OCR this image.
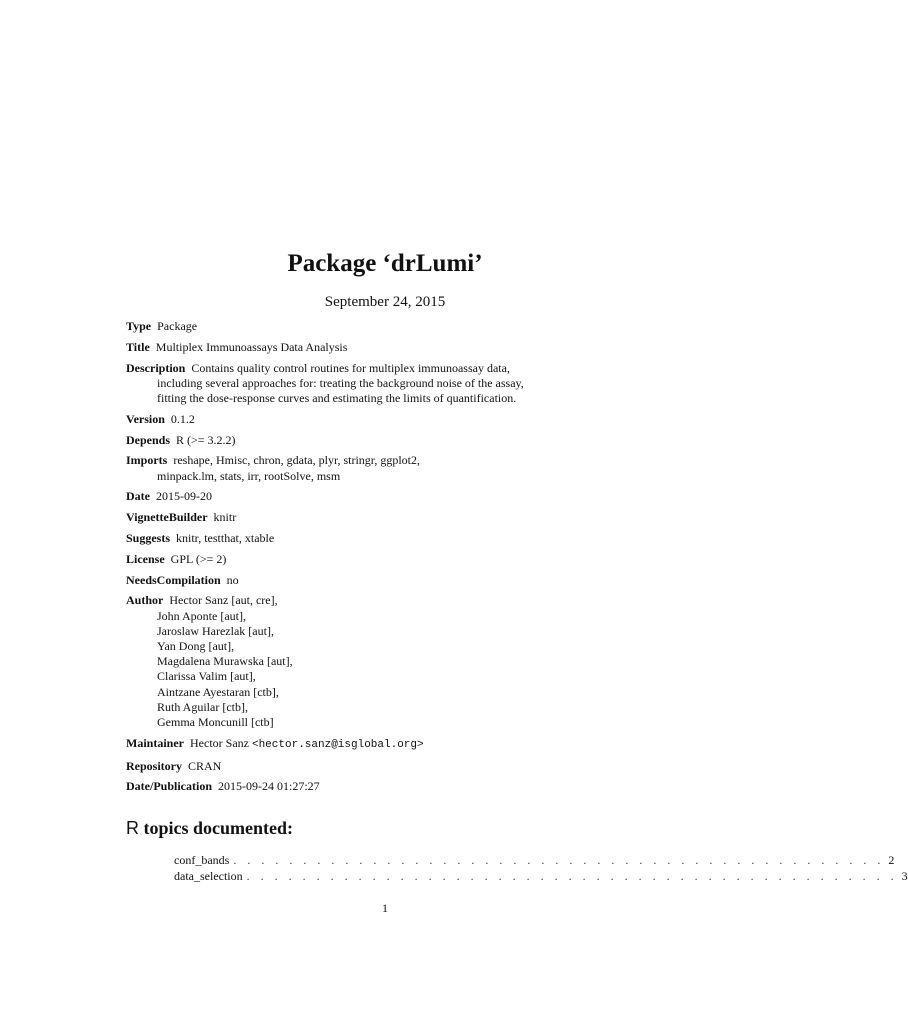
Package ‘drLumi’
September 24, 2015
Type Package
Title Multiplex Immunoassays Data Analysis
Description Contains quality control routines for multiplex immunoassay data,
including several approaches for: treating the background noise of the assay,
fitting the dose-response curves and estimating the limits of quantification.
Version 0.1.2
Depends R (>= 3.2.2)
Imports reshape, Hmisc, chron, gdata, plyr, stringr, ggplot2,
minpack.lm, stats, irr, rootSolve, msm
Date 2015-09-20
VignetteBuilder knitr
Suggests knitr, testthat, xtable
License GPL (>= 2)
NeedsCompilation no
Author Hector Sanz [aut, cre],
John Aponte [aut],
Jaroslaw Harezlak [aut],
Yan Dong [aut],
Magdalena Murawska [aut],
Clarissa Valim [aut],
Aintzane Ayestaran [ctb],
Ruth Aguilar [ctb],
Gemma Moncunill [ctb]
Maintainer Hector Sanz <hector.sanz@isglobal.org>
Repository CRAN
Date/Publication 2015-09-24 01:27:27
R topics documented:
conf_bands . . . . . . . . . . . . . . . . . . . . . . . . . . . . . . . . . . . . . . . . . . . . . . . 2
data_selection . . . . . . . . . . . . . . . . . . . . . . . . . . . . . . . . . . . . . . . . . . . . . . . 3
1
